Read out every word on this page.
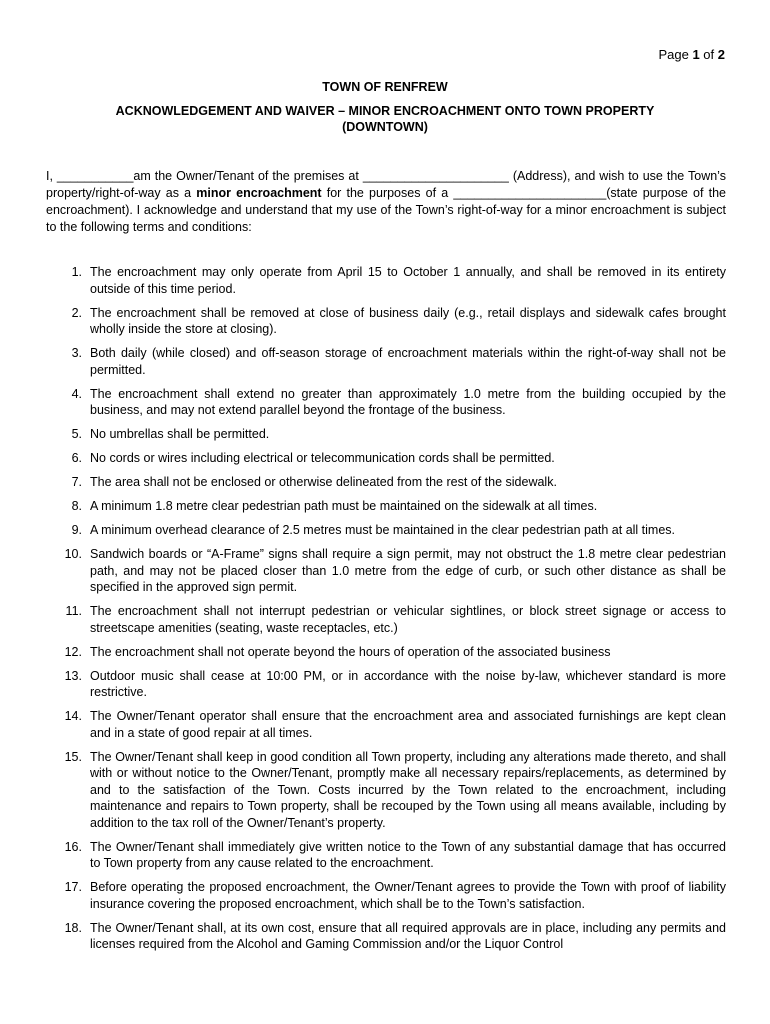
Page 1 of 2
TOWN OF RENFREW
ACKNOWLEDGEMENT AND WAIVER – MINOR ENCROACHMENT ONTO TOWN PROPERTY
(DOWNTOWN)

I, ___________am the Owner/Tenant of the premises at _____________________ (Address), and wish to use the Town’s property/right-of-way as a minor encroachment for the purposes of a ______________________(state purpose of the encroachment). I acknowledge and understand that my use of the Town’s right-of-way for a minor encroachment is subject to the following terms and conditions:

1. The encroachment may only operate from April 15 to October 1 annually, and shall be removed in its entirety outside of this time period.
2. The encroachment shall be removed at close of business daily (e.g., retail displays and sidewalk cafes brought wholly inside the store at closing).
3. Both daily (while closed) and off-season storage of encroachment materials within the right-of-way shall not be permitted.
4. The encroachment shall extend no greater than approximately 1.0 metre from the building occupied by the business, and may not extend parallel beyond the frontage of the business.
5. No umbrellas shall be permitted.
6. No cords or wires including electrical or telecommunication cords shall be permitted.
7. The area shall not be enclosed or otherwise delineated from the rest of the sidewalk.
8. A minimum 1.8 metre clear pedestrian path must be maintained on the sidewalk at all times.
9. A minimum overhead clearance of 2.5 metres must be maintained in the clear pedestrian path at all times.
10. Sandwich boards or “A-Frame” signs shall require a sign permit, may not obstruct the 1.8 metre clear pedestrian path, and may not be placed closer than 1.0 metre from the edge of curb, or such other distance as shall be specified in the approved sign permit.
11. The encroachment shall not interrupt pedestrian or vehicular sightlines, or block street signage or access to streetscape amenities (seating, waste receptacles, etc.)
12. The encroachment shall not operate beyond the hours of operation of the associated business
13. Outdoor music shall cease at 10:00 PM, or in accordance with the noise by-law, whichever standard is more restrictive.
14. The Owner/Tenant operator shall ensure that the encroachment area and associated furnishings are kept clean and in a state of good repair at all times.
15. The Owner/Tenant shall keep in good condition all Town property, including any alterations made thereto, and shall with or without notice to the Owner/Tenant, promptly make all necessary repairs/replacements, as determined by and to the satisfaction of the Town. Costs incurred by the Town related to the encroachment, including maintenance and repairs to Town property, shall be recouped by the Town using all means available, including by addition to the tax roll of the Owner/Tenant’s property.
16. The Owner/Tenant shall immediately give written notice to the Town of any substantial damage that has occurred to Town property from any cause related to the encroachment.
17. Before operating the proposed encroachment, the Owner/Tenant agrees to provide the Town with proof of liability insurance covering the proposed encroachment, which shall be to the Town’s satisfaction.
18. The Owner/Tenant shall, at its own cost, ensure that all required approvals are in place, including any permits and licenses required from the Alcohol and Gaming Commission and/or the Liquor Control
